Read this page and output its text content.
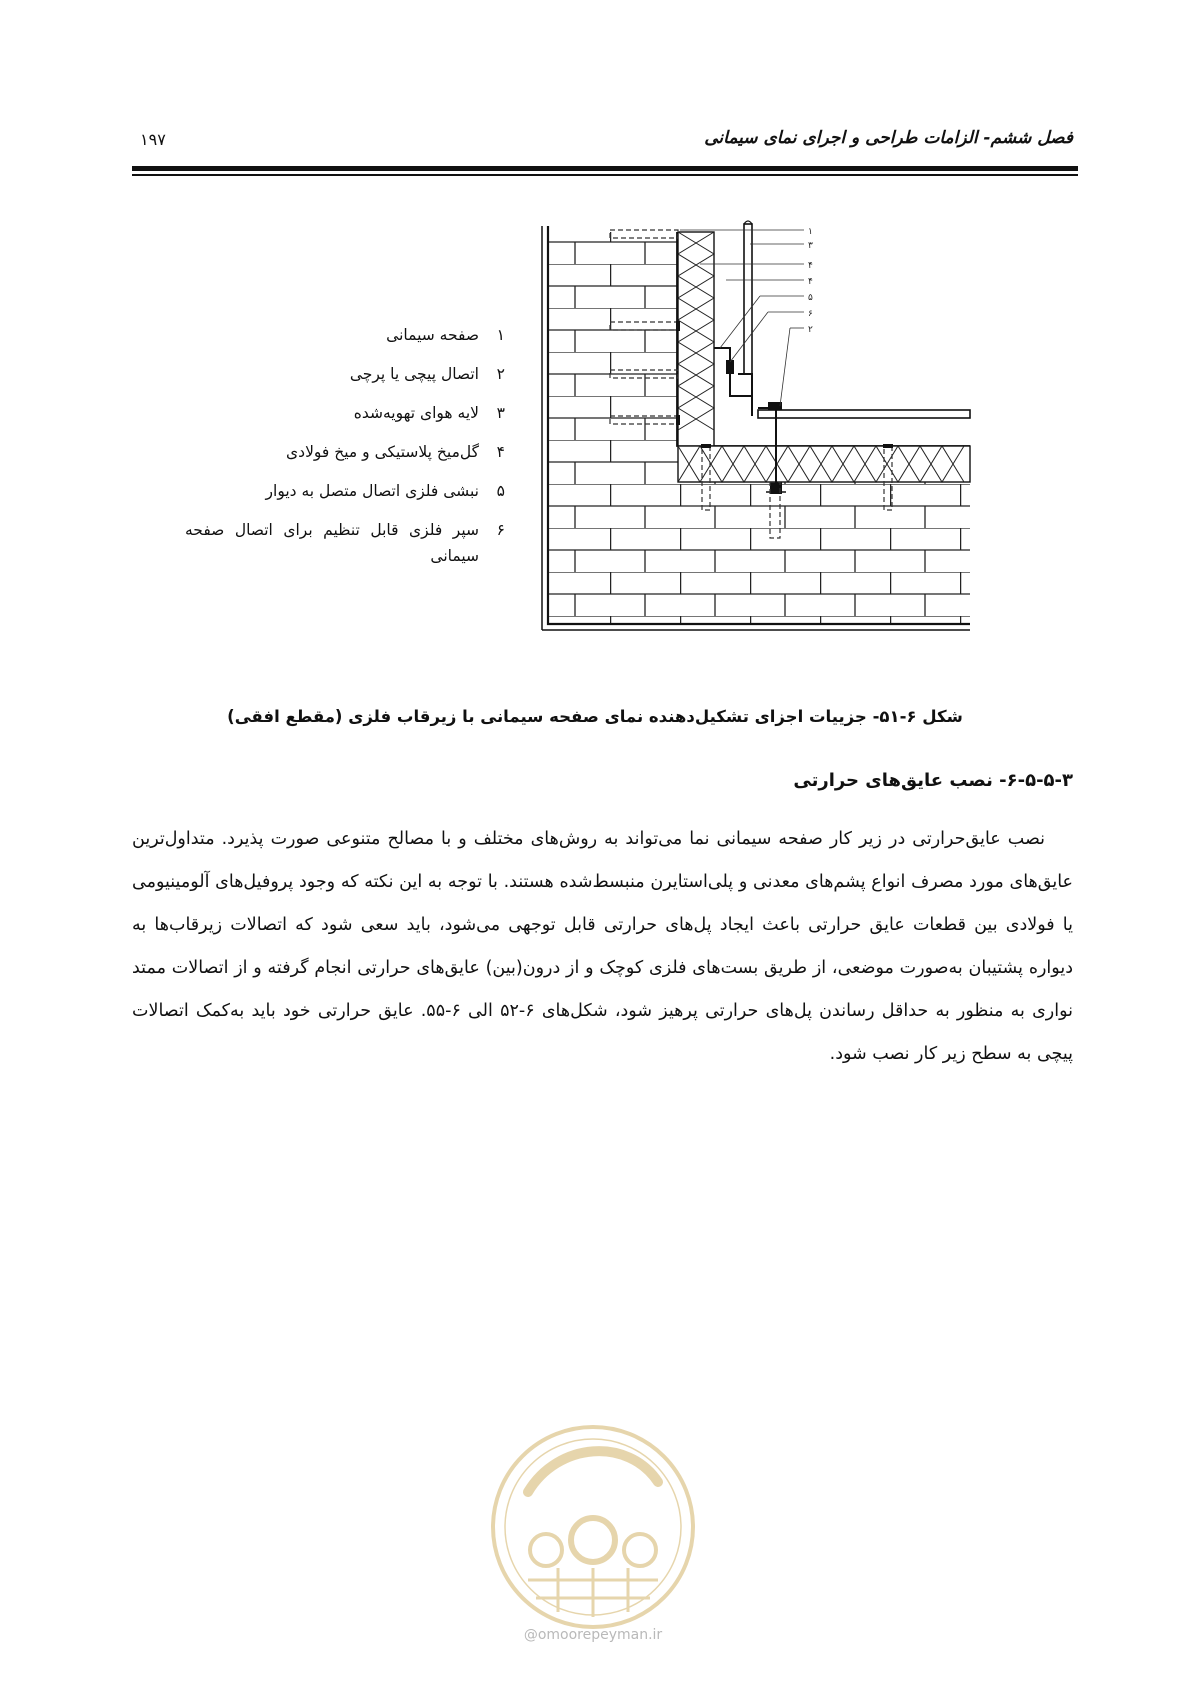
فصل ششم- الزامات طراحی و اجرای نمای سیمانی
۱۹۷
۱
صفحه سیمانی
۲
اتصال پیچی یا پرچی
۳
لایه هوای تهویه‌شده
۴
گل‌میخ پلاستیکی و میخ فولادی
۵
نبشی فلزی اتصال متصل به دیوار
۶
سپر فلزی قابل تنظیم برای اتصال صفحه سیمانی
۱
۳
۴
۴
۵
۶
۲
شکل ۶-۵۱- جزییات اجزای تشکیل‌دهنده نمای صفحه سیمانی با زیرقاب فلزی (مقطع افقی)
۶-۵-۵-۳- نصب عایق‌های حرارتی

نصب عایق‌حرارتی در زیر کار صفحه سیمانی نما می‌تواند به روش‌های مختلف و با مصالح متنوعی صورت پذیرد. متداول‌ترین عایق‌های مورد مصرف انواع پشم‌های معدنی و پلی‌استایرن منبسط‌شده هستند. با توجه به این نکته که وجود پروفیل‌های آلومینیومی یا فولادی بین قطعات عایق حرارتی باعث ایجاد پل‌های حرارتی قابل توجهی می‌شود، باید سعی شود که اتصالات زیرقاب‌ها به دیواره پشتیبان به‌صورت موضعی، از طریق بست‌های فلزی کوچک و از درون(بین) عایق‌های حرارتی انجام گرفته و از اتصالات ممتد نواری به منظور به حداقل رساندن پل‌های حرارتی پرهیز شود، شکل‌های ۶-۵۲ الی ۶-۵۵. عایق حرارتی خود باید به‌کمک اتصالات پیچی به سطح زیر کار نصب شود.

@omoorepeyman.ir
